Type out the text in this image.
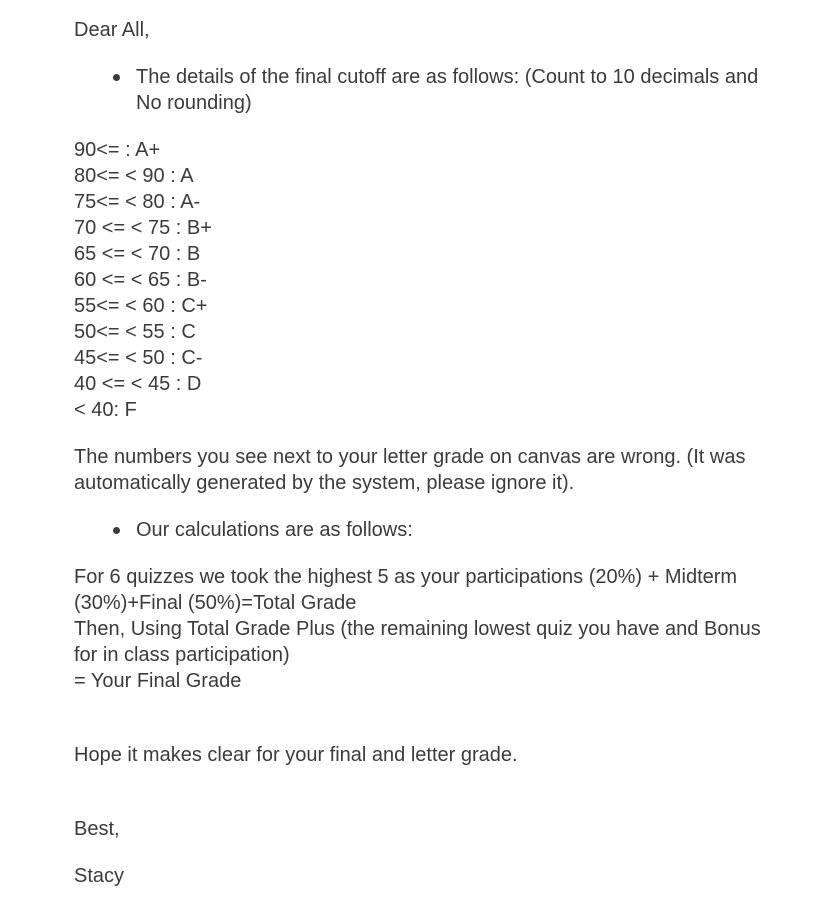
Dear All,

The details of the final cutoff are as follows: (Count to 10 decimals and No rounding)
90<= : A+
80<= < 90 : A
75<= < 80 : A-
70 <= < 75 : B+
65 <= < 70 : B
60 <= < 65 : B-
55<= < 60 : C+
50<= < 55 : C
45<= < 50 : C-
40 <= < 45 : D
< 40: F

The numbers you see next to your letter grade on canvas are wrong. (It was automatically generated by the system, please ignore it).

Our calculations are as follows:
For 6 quizzes we took the highest 5 as your participations (20%) + Midterm (30%)+Final (50%)=Total Grade
Then, Using Total Grade Plus (the remaining lowest quiz you have and Bonus for in class participation)
= Your Final Grade

Hope it makes clear for your final and letter grade.

Best,

Stacy
